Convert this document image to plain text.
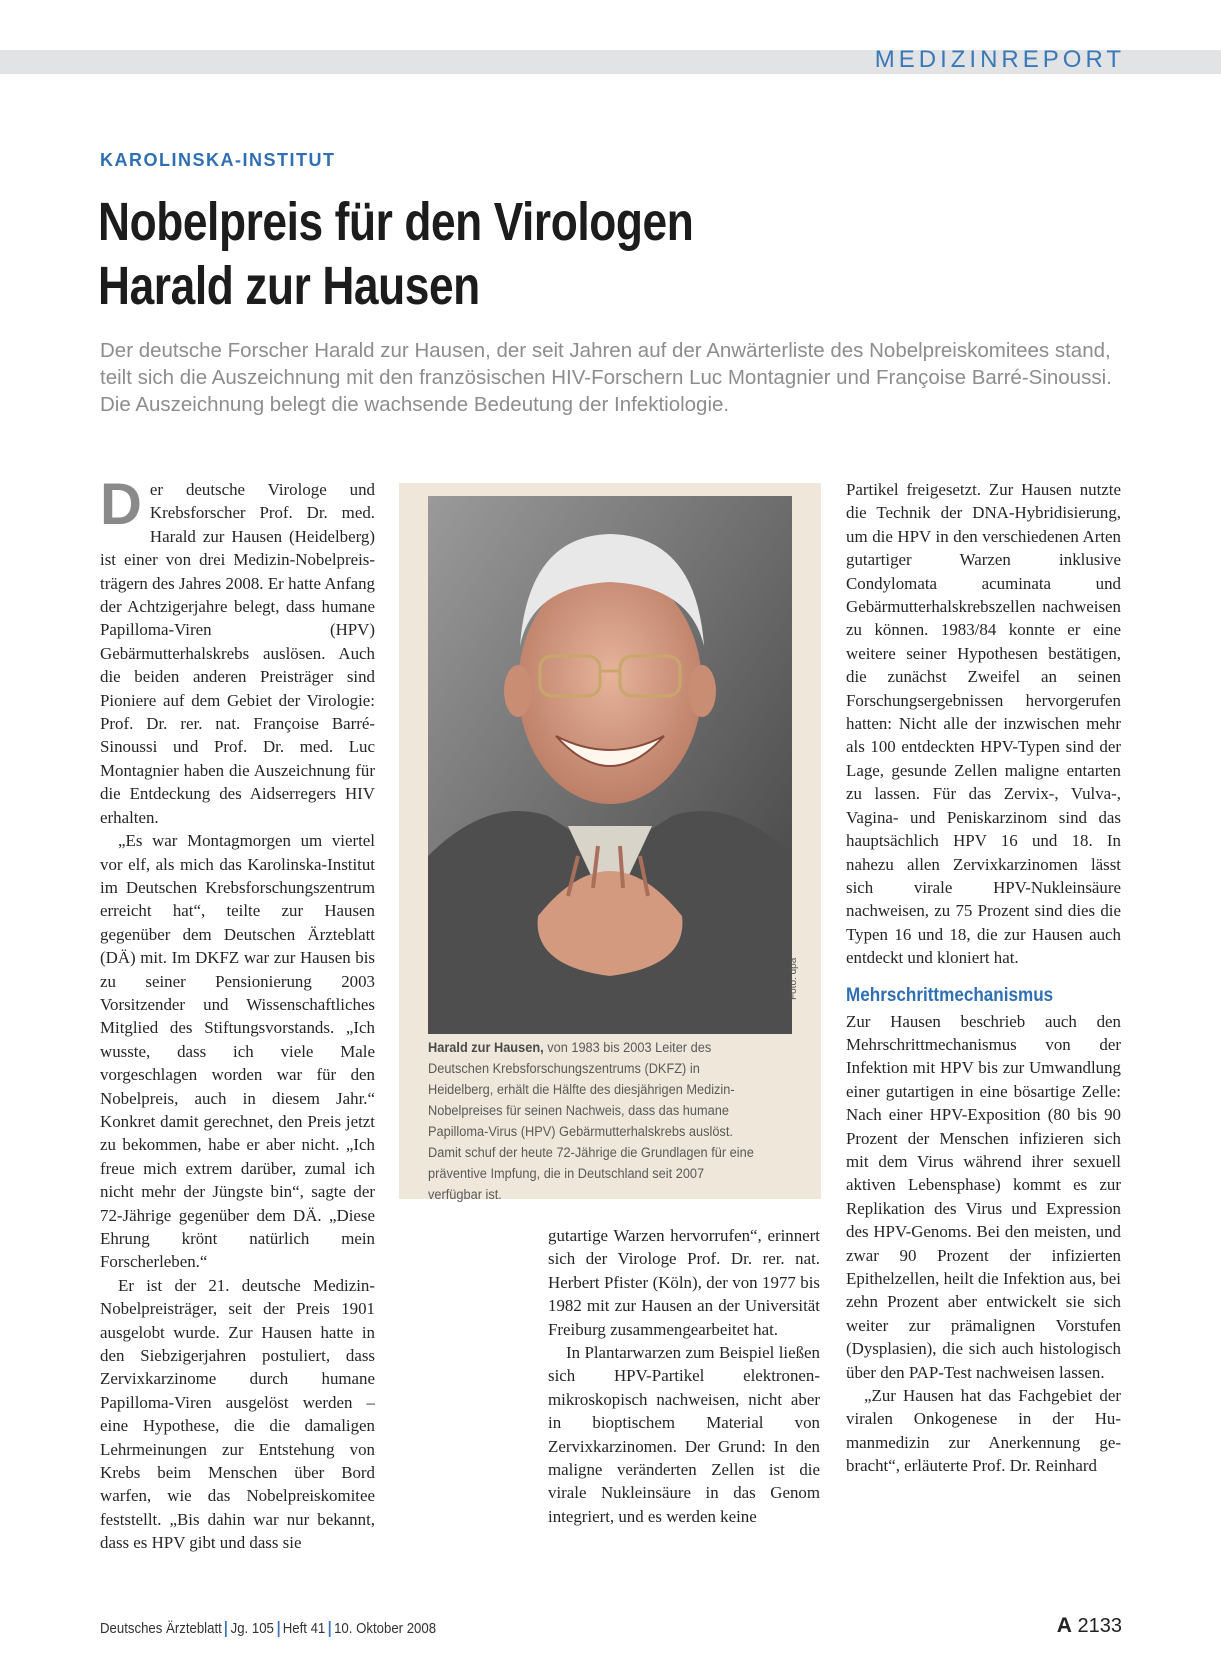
MEDIZINREPORT
KAROLINSKA-INSTITUT
Nobelpreis für den Virologen
Harald zur Hausen

Der deutsche Forscher Harald zur Hausen, der seit Jahren auf der Anwärterliste des Nobelpreiskomitees stand, teilt sich die Auszeichnung mit den französischen HIV-Forschern Luc Montagnier und Françoise Barré-Sinoussi. Die Auszeichnung belegt die wachsende Bedeutung der Infektiologie.

Der deutsche Virologe und Krebsforscher Prof. Dr. med. Harald zur Hausen (Heidelberg) ist einer von drei Medizin-Nobelpreisträgern des Jahres 2008. Er hatte Anfang der Achtzigerjahre belegt, dass humane Papilloma-Viren (HPV) Gebärmutterhalskrebs auslösen. Auch die beiden anderen Preisträger sind Pioniere auf dem Gebiet der Virologie: Prof. Dr. rer. nat. Françoise Barré-Sinoussi und Prof. Dr. med. Luc Montagnier haben die Auszeichnung für die Entdeckung des Aidserregers HIV erhalten.

„Es war Montagmorgen um viertel vor elf, als mich das Karolinska-Institut im Deutschen Krebsforschungszentrum erreicht hat“, teilte zur Hausen gegenüber dem Deutschen Ärzteblatt (DÄ) mit. Im DKFZ war zur Hausen bis zu seiner Pensionierung 2003 Vorsitzender und Wissenschaftliches Mitglied des Stiftungsvorstands. „Ich wusste, dass ich viele Male vorgeschlagen worden war für den Nobelpreis, auch in diesem Jahr.“ Konkret damit gerechnet, den Preis jetzt zu bekommen, habe er aber nicht. „Ich freue mich extrem darüber, zumal ich nicht mehr der Jüngste bin“, sagte der 72-Jährige gegenüber dem DÄ. „Diese Ehrung krönt natürlich mein Forscherleben.“

Er ist der 21. deutsche Medizin-Nobelpreisträger, seit der Preis 1901 ausgelobt wurde. Zur Hausen hatte in den Siebzigerjahren postuliert, dass Zervixkarzinome durch humane Papilloma-Viren ausgelöst werden – eine Hypothese, die die damaligen Lehrmeinungen zur Entstehung von Krebs beim Menschen über Bord warfen, wie das Nobelpreiskomitee feststellt. „Bis dahin war nur bekannt, dass es HPV gibt und dass sie

Harald zur Hausen, von 1983 bis 2003 Leiter des Deutschen Krebsforschungszentrums (DKFZ) in Heidelberg, erhält die Hälfte des diesjährigen Medizin-Nobelpreises für seinen Nachweis, dass das humane Papilloma-Virus (HPV) Gebärmutterhalskrebs auslöst. Damit schuf der heute 72-Jährige die Grundlagen für eine präventive Impfung, die in Deutschland seit 2007 verfügbar ist.

gutartige Warzen hervorrufen“, erinnert sich der Virologe Prof. Dr. rer. nat. Herbert Pfister (Köln), der von 1977 bis 1982 mit zur Hausen an der Universität Freiburg zusammengearbeitet hat.

In Plantarwarzen zum Beispiel ließen sich HPV-Partikel elektronenmikroskopisch nachweisen, nicht aber in bioptischem Material von Zervixkarzinomen. Der Grund: In den maligne veränderten Zellen ist die virale Nukleinsäure in das Genom integriert, und es werden keine

Partikel freigesetzt. Zur Hausen nutzte die Technik der DNA-Hybridisierung, um die HPV in den verschiedenen Arten gutartiger Warzen inklusive Condylomata acuminata und Gebärmutterhalskrebszellen nachweisen zu können. 1983/84 konnte er eine weitere seiner Hypothesen bestätigen, die zunächst Zweifel an seinen Forschungsergebnissen hervorgerufen hatten: Nicht alle der inzwischen mehr als 100 entdeckten HPV-Typen sind der Lage, gesunde Zellen maligne entarten zu lassen. Für das Zervix-, Vulva-, Vagina- und Peniskarzinom sind das hauptsächlich HPV 16 und 18. In nahezu allen Zervixkarzinomen lässt sich virale HPV-Nukleinsäure nachweisen, zu 75 Prozent sind dies die Typen 16 und 18, die zur Hausen auch entdeckt und kloniert hat.

Mehrschrittmechanismus

Zur Hausen beschrieb auch den Mehrschrittmechanismus von der Infektion mit HPV bis zur Umwandlung einer gutartigen in eine bösartige Zelle: Nach einer HPV-Exposition (80 bis 90 Prozent der Menschen infizieren sich mit dem Virus während ihrer sexuell aktiven Lebensphase) kommt es zur Replikation des Virus und Expression des HPV-Genoms. Bei den meisten, und zwar 90 Prozent der infizierten Epithelzellen, heilt die Infektion aus, bei zehn Prozent aber entwickelt sie sich weiter zur prämalignen Vorstufen (Dysplasien), die sich auch histologisch über den PAP-Test nachweisen lassen.

„Zur Hausen hat das Fachgebiet der viralen Onkogenese in der Humanmedizin zur Anerkennung gebracht“, erläuterte Prof. Dr. Reinhard

Deutsches Ärzteblatt Jg. 105 Heft 41 10. Oktober 2008	A 2133
